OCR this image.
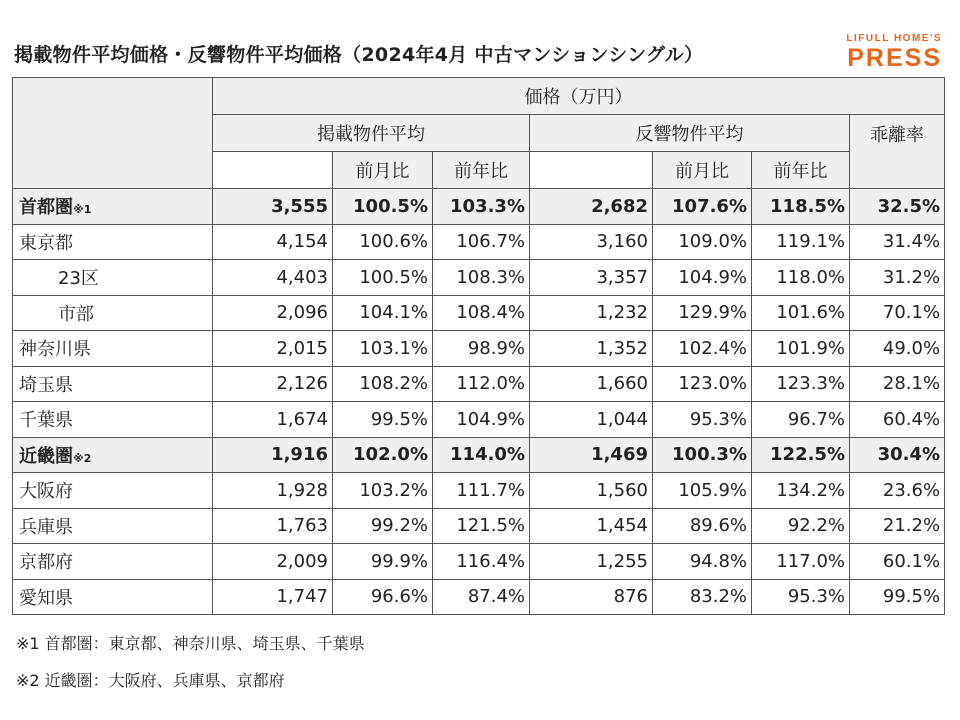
掲載物件平均価格・反響物件平均価格（2024年4月 中古マンションシングル）
LIFULL HOME'S
PRESS
	価格（万円）						
	掲載物件平均			反響物件平均			乖離率
		前月比	前年比		前月比	前年比	
首都圏※1	3,555	100.5%	103.3%	2,682	107.6%	118.5%	32.5%
東京都	4,154	100.6%	106.7%	3,160	109.0%	119.1%	31.4%
23区	4,403	100.5%	108.3%	3,357	104.9%	118.0%	31.2%
市部	2,096	104.1%	108.4%	1,232	129.9%	101.6%	70.1%
神奈川県	2,015	103.1%	98.9%	1,352	102.4%	101.9%	49.0%
埼玉県	2,126	108.2%	112.0%	1,660	123.0%	123.3%	28.1%
千葉県	1,674	99.5%	104.9%	1,044	95.3%	96.7%	60.4%
近畿圏※2	1,916	102.0%	114.0%	1,469	100.3%	122.5%	30.4%
大阪府	1,928	103.2%	111.7%	1,560	105.9%	134.2%	23.6%
兵庫県	1,763	99.2%	121.5%	1,454	89.6%	92.2%	21.2%
京都府	2,009	99.9%	116.4%	1,255	94.8%	117.0%	60.1%
愛知県	1,747	96.6%	87.4%	876	83.2%	95.3%	99.5%
※1 首都圏：東京都、神奈川県、埼玉県、千葉県
※2 近畿圏：大阪府、兵庫県、京都府
